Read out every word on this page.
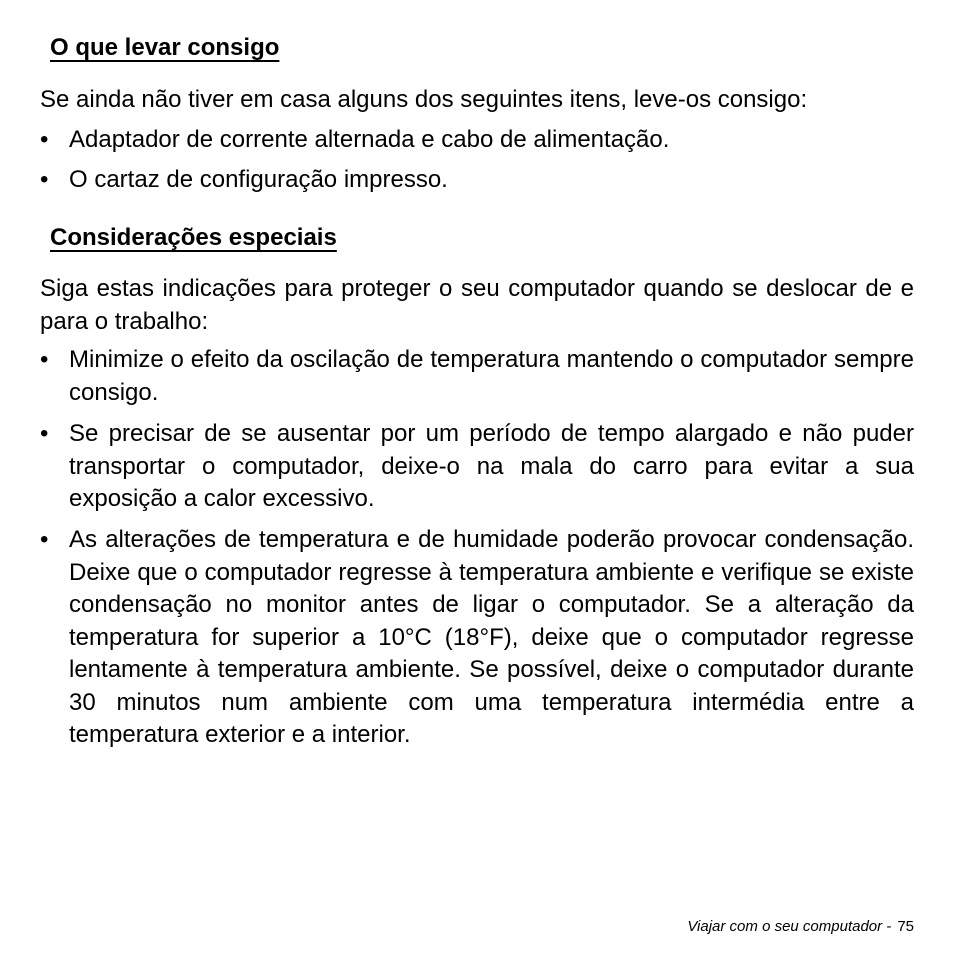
O que levar consigo
Se ainda não tiver em casa alguns dos seguintes itens, leve-os consigo:
• Adaptador de corrente alternada e cabo de alimentação.
• O cartaz de configuração impresso.
Considerações especiais
Siga estas indicações para proteger o seu computador quando se deslocar de e para o trabalho:
• Minimize o efeito da oscilação de temperatura mantendo o computador sempre consigo.
• Se precisar de se ausentar por um período de tempo alargado e não puder transportar o computador, deixe-o na mala do carro para evitar a sua exposição a calor excessivo.
• As alterações de temperatura e de humidade poderão provocar condensação. Deixe que o computador regresse à temperatura ambiente e verifique se existe condensação no monitor antes de ligar o computador. Se a alteração da temperatura for superior a 10°C (18°F), deixe que o computador regresse lentamente à temperatura ambiente. Se possível, deixe o computador durante 30 minutos num ambiente com uma temperatura intermédia entre a temperatura exterior e a interior.
Viajar com o seu computador - 75
